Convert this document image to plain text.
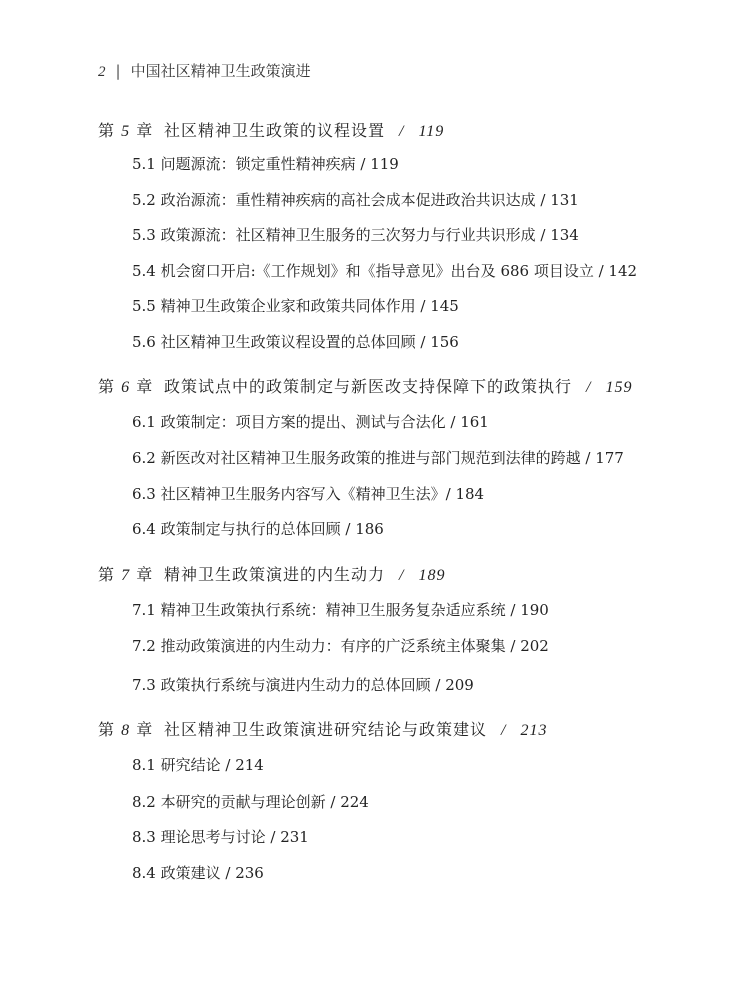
2 | 中国社区精神卫生政策演进
第 5 章 社区精神卫生政策的议程设置 / 119
5.1 问题源流：锁定重性精神疾病 / 119
5.2 政治源流：重性精神疾病的高社会成本促进政治共识达成 / 131
5.3 政策源流：社区精神卫生服务的三次努力与行业共识形成 / 134
5.4 机会窗口开启:《工作规划》和《指导意见》出台及 686 项目设立 / 142
5.5 精神卫生政策企业家和政策共同体作用 / 145
5.6 社区精神卫生政策议程设置的总体回顾 / 156
第 6 章 政策试点中的政策制定与新医改支持保障下的政策执行 / 159
6.1 政策制定：项目方案的提出、测试与合法化 / 161
6.2 新医改对社区精神卫生服务政策的推进与部门规范到法律的跨越 / 177
6.3 社区精神卫生服务内容写入《精神卫生法》/ 184
6.4 政策制定与执行的总体回顾 / 186
第 7 章 精神卫生政策演进的内生动力 / 189
7.1 精神卫生政策执行系统：精神卫生服务复杂适应系统 / 190
7.2 推动政策演进的内生动力：有序的广泛系统主体聚集 / 202
7.3 政策执行系统与演进内生动力的总体回顾 / 209
第 8 章 社区精神卫生政策演进研究结论与政策建议 / 213
8.1 研究结论 / 214
8.2 本研究的贡献与理论创新 / 224
8.3 理论思考与讨论 / 231
8.4 政策建议 / 236
